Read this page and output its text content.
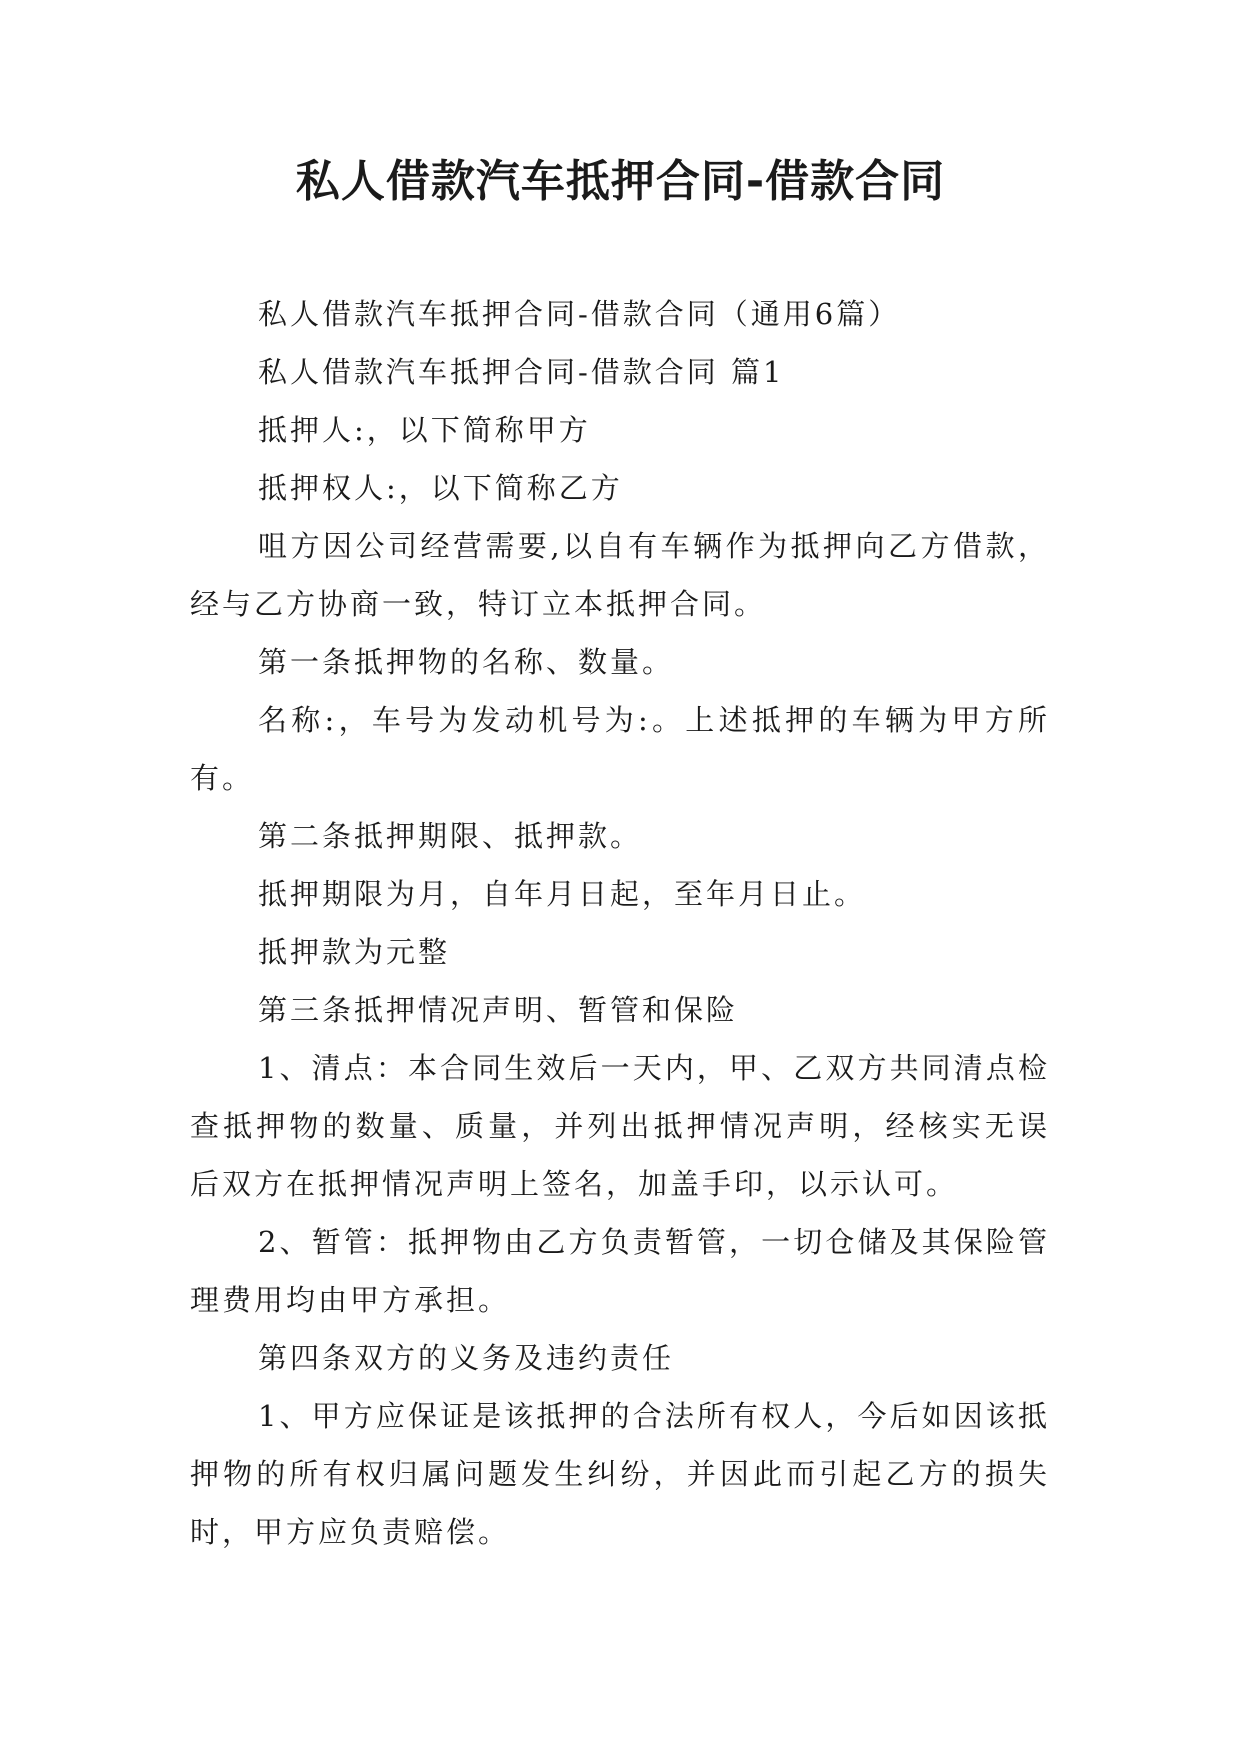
私人借款汽车抵押合同-借款合同

私人借款汽车抵押合同-借款合同（通用6篇）

私人借款汽车抵押合同-借款合同 篇1

抵押人:，以下简称甲方

抵押权人:，以下简称乙方

咀方因公司经营需要,以自有车辆作为抵押向乙方借款，经与乙方协商一致，特订立本抵押合同。

第一条抵押物的名称、数量。

名称:，车号为发动机号为:。上述抵押的车辆为甲方所有。

第二条抵押期限、抵押款。

抵押期限为月，自年月日起，至年月日止。

抵押款为元整

第三条抵押情况声明、暂管和保险

1、清点：本合同生效后一天内，甲、乙双方共同清点检查抵押物的数量、质量，并列出抵押情况声明，经核实无误后双方在抵押情况声明上签名，加盖手印，以示认可。

2、暂管：抵押物由乙方负责暂管，一切仓储及其保险管理费用均由甲方承担。

第四条双方的义务及违约责任

1、甲方应保证是该抵押的合法所有权人，今后如因该抵押物的所有权归属问题发生纠纷，并因此而引起乙方的损失时，甲方应负责赔偿。
